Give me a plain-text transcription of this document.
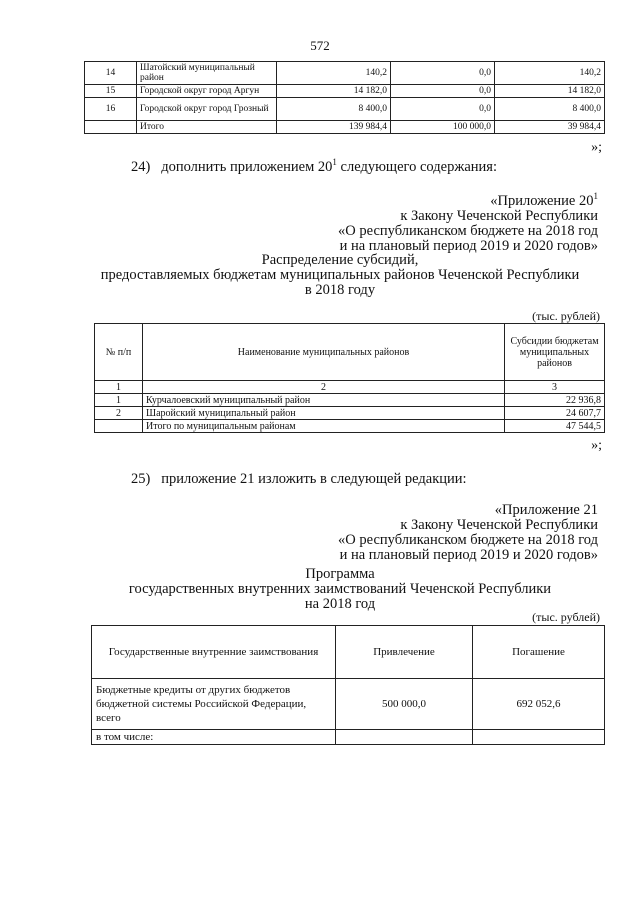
572
14	Шатойский муниципальный район	140,2	0,0	140,2
15	Городской округ город Аргун	14 182,0	0,0	14 182,0
16	Городской округ город Грозный	8 400,0	0,0	8 400,0
	Итого	139 984,4	100 000,0	39 984,4
»;
24) дополнить приложением $20^1$ следующего содержания:
«Приложение $20^1$
к Закону Чеченской Республики
«О республиканском бюджете на 2018 год
и на плановый период 2019 и 2020 годов»
Распределение субсидий,
предоставляемых бюджетам муниципальных районов Чеченской Республики
в 2018 году
(тыс. рублей)
№ п/п	Наименование муниципальных районов	Субсидии бюджетам муниципальных районов
1	2	3
1	Курчалоевский муниципальный район	22 936,8
2	Шаройский муниципальный район	24 607,7
	Итого по муниципальным районам	47 544,5
»;
25) приложение 21 изложить в следующей редакции:
«Приложение 21
к Закону Чеченской Республики
«О республиканском бюджете на 2018 год
и на плановый период 2019 и 2020 годов»
Программа
государственных внутренних заимствований Чеченской Республики
на 2018 год
(тыс. рублей)
Государственные внутренние заимствования	Привлечение	Погашение
Бюджетные кредиты от других бюджетов бюджетной системы Российской Федерации, всего	500 000,0	692 052,6
в том числе:		
